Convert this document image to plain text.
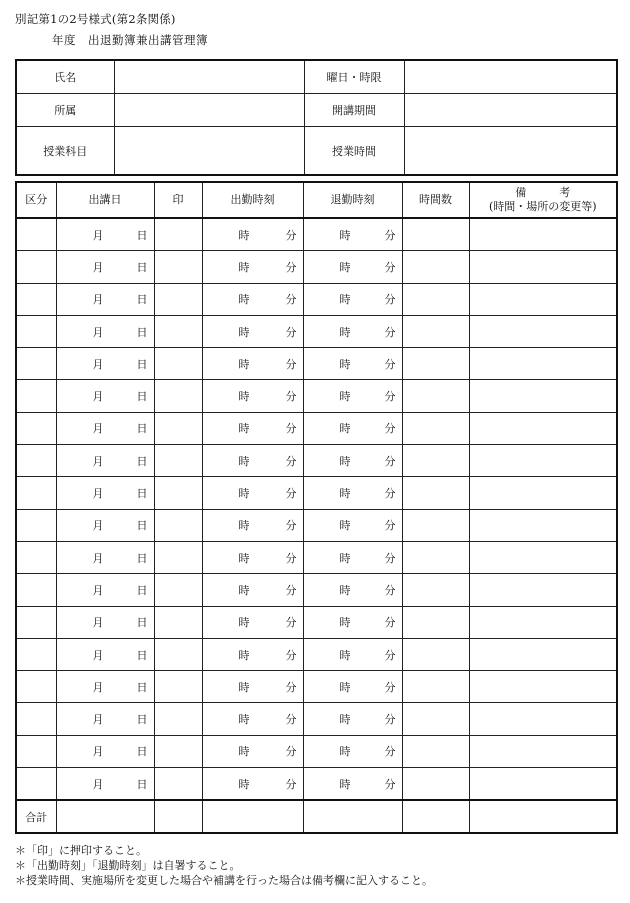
別記第1の2号様式(第2条関係)
年度　出退勤簿兼出講管理簿
氏名		曜日・時限	
所属		開講期間	
授業科目		授業時間	
区分	出講日	印	出勤時刻	退勤時刻	時間数	備　　　考
(時間・場所の変更等)

	月 日		時 分	時 分		

	月 日		時 分	時 分		

	月 日		時 分	時 分		

	月 日		時 分	時 分		

	月 日		時 分	時 分		

	月 日		時 分	時 分		

	月 日		時 分	時 分		

	月 日		時 分	時 分		

	月 日		時 分	時 分		

	月 日		時 分	時 分		

	月 日		時 分	時 分		

	月 日		時 分	時 分		

	月 日		時 分	時 分		

	月 日		時 分	時 分		

	月 日		時 分	時 分		

	月 日		時 分	時 分		

	月 日		時 分	時 分		

	月 日		時 分	時 分		

合計						
＊「印」に押印すること。
＊「出勤時刻」「退勤時刻」は自署すること。
＊授業時間、実施場所を変更した場合や補講を行った場合は備考欄に記入すること。
